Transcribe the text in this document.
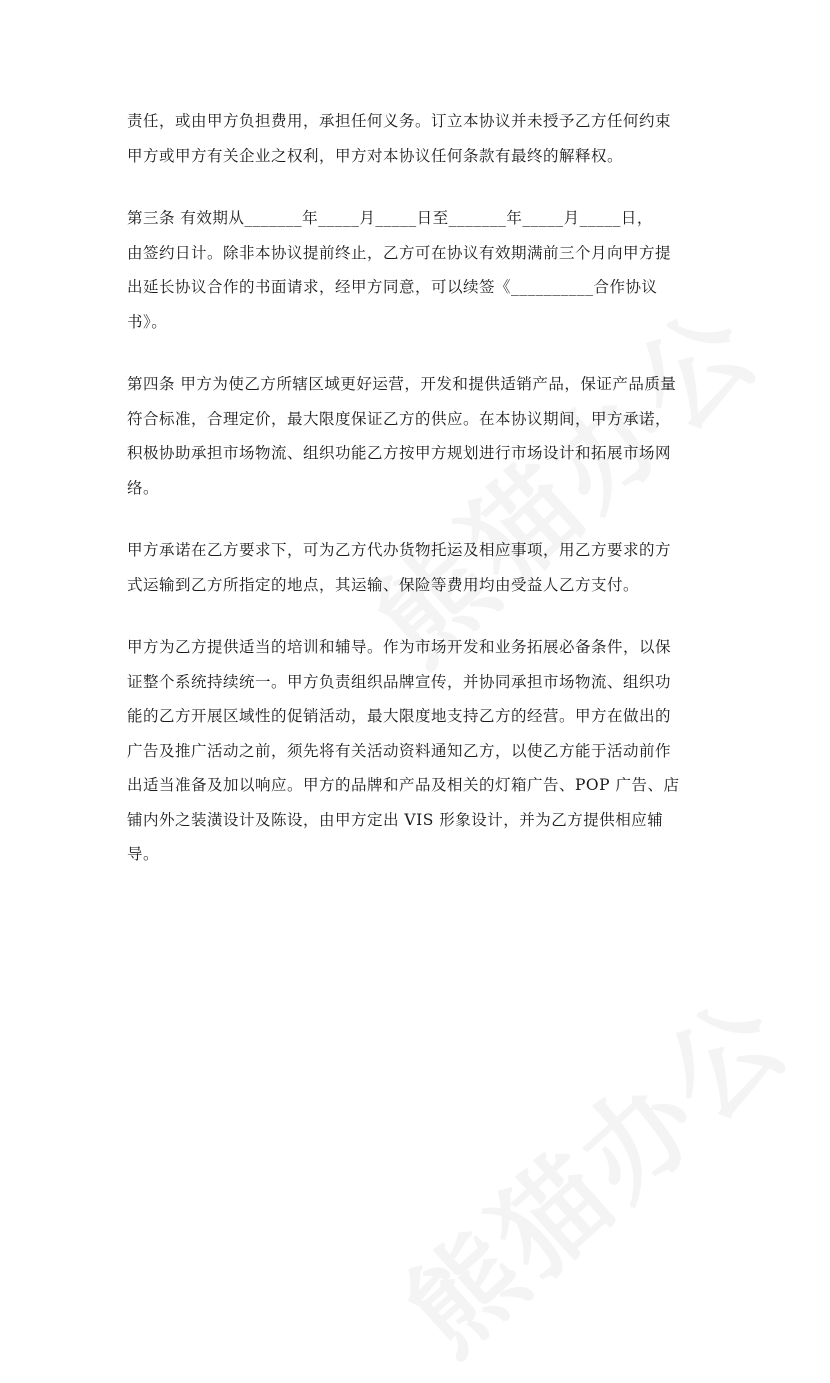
责任，或由甲方负担费用，承担任何义务。订立本协议并未授予乙方任何约束
甲方或甲方有关企业之权利，甲方对本协议任何条款有最终的解释权。
第三条 有效期从_______年_____月_____日至_______年_____月_____日，
由签约日计。除非本协议提前终止，乙方可在协议有效期满前三个月向甲方提
出延长协议合作的书面请求，经甲方同意，可以续签《__________合作协议
书》。
第四条 甲方为使乙方所辖区域更好运营，开发和提供适销产品，保证产品质量
符合标准，合理定价，最大限度保证乙方的供应。在本协议期间，甲方承诺，
积极协助承担市场物流、组织功能乙方按甲方规划进行市场设计和拓展市场网
络。
甲方承诺在乙方要求下，可为乙方代办货物托运及相应事项，用乙方要求的方
式运输到乙方所指定的地点，其运输、保险等费用均由受益人乙方支付。
甲方为乙方提供适当的培训和辅导。作为市场开发和业务拓展必备条件，以保
证整个系统持续统一。甲方负责组织品牌宣传，并协同承担市场物流、组织功
能的乙方开展区域性的促销活动，最大限度地支持乙方的经营。甲方在做出的
广告及推广活动之前，须先将有关活动资料通知乙方，以使乙方能于活动前作
出适当准备及加以响应。甲方的品牌和产品及相关的灯箱广告、POP 广告、店
铺内外之装潢设计及陈设，由甲方定出 VIS 形象设计，并为乙方提供相应辅
导。
